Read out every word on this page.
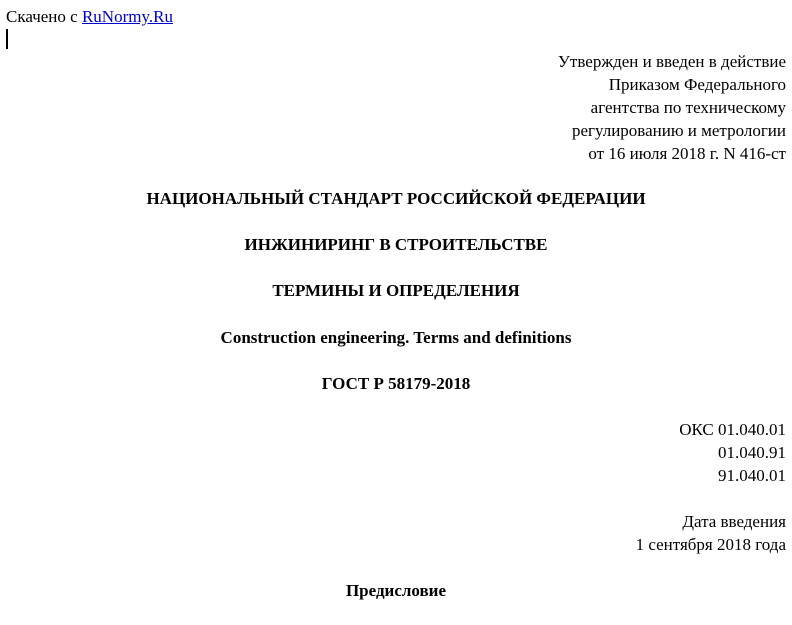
Скачено с RuNormy.Ru
Утвержден и введен в действие
Приказом Федерального
агентства по техническому
регулированию и метрологии
от 16 июля 2018 г. N 416-ст
НАЦИОНАЛЬНЫЙ СТАНДАРТ РОССИЙСКОЙ ФЕДЕРАЦИИ
ИНЖИНИРИНГ В СТРОИТЕЛЬСТВЕ
ТЕРМИНЫ И ОПРЕДЕЛЕНИЯ
Construction engineering. Terms and definitions
ГОСТ Р 58179-2018
ОКС 01.040.01
01.040.91
91.040.01
Дата введения
1 сентября 2018 года
Предисловие
